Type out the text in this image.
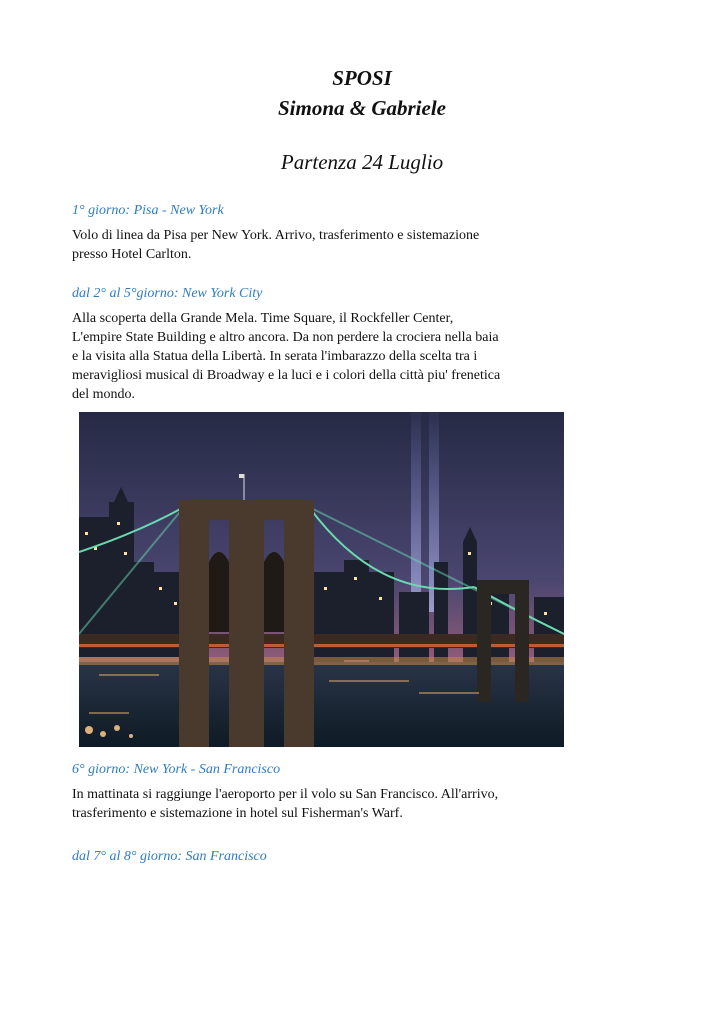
SPOSI
Simona & Gabriele
Partenza 24 Luglio
1° giorno: Pisa - New York

Volo di linea da Pisa per New York. Arrivo, trasferimento e sistemazione presso Hotel Carlton.

dal 2° al 5°giorno: New York City

Alla scoperta della Grande Mela. Time Square, il Rockfeller Center, L'empire State Building e altro ancora. Da non perdere la crociera nella baia e la visita alla Statua della Libertà. In serata l'imbarazzo della scelta tra i meravigliosi musical di Broadway e la luci e i colori della città piu' frenetica del mondo.

6° giorno: New York - San Francisco

In mattinata si raggiunge l'aeroporto per il volo su San Francisco. All'arrivo, trasferimento e sistemazione in hotel sul Fisherman's Warf.

dal 7° al 8° giorno: San Francisco
